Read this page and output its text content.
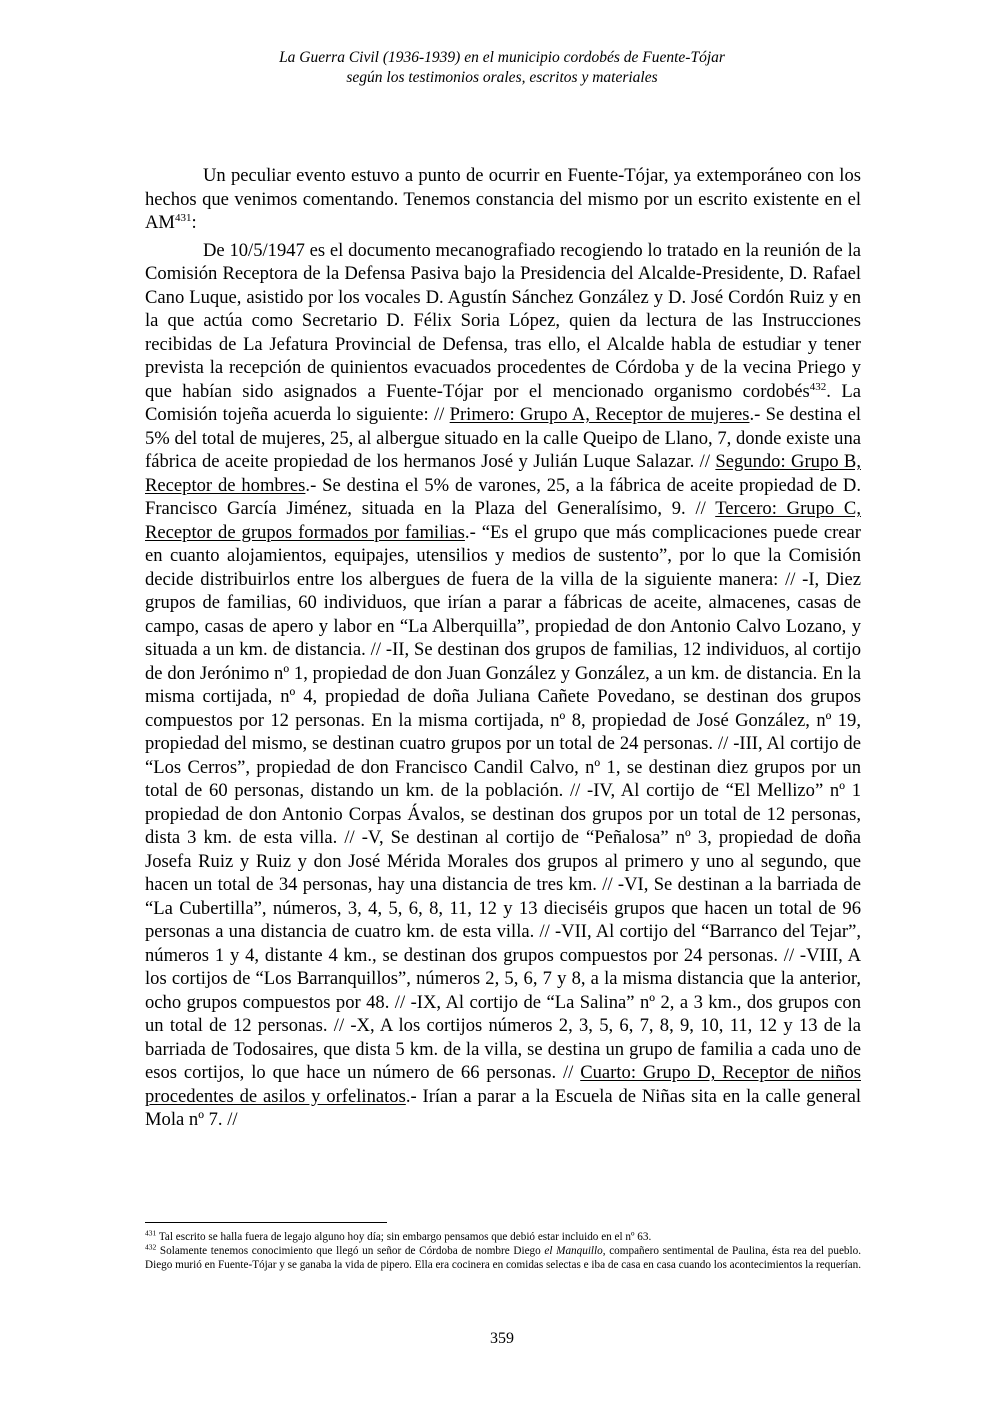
La Guerra Civil (1936-1939) en el municipio cordobés de Fuente-Tójar
según los testimonios orales, escritos y materiales

Un peculiar evento estuvo a punto de ocurrir en Fuente-Tójar, ya extemporáneo con los hechos que venimos comentando. Tenemos constancia del mismo por un escrito existente en el AM$^{431}$:

De 10/5/1947 es el documento mecanografiado recogiendo lo tratado en la reunión de la Comisión Receptora de la Defensa Pasiva bajo la Presidencia del Alcalde-Presidente, D. Rafael Cano Luque, asistido por los vocales D. Agustín Sánchez González y D. José Cordón Ruiz y en la que actúa como Secretario D. Félix Soria López, quien da lectura de las Instrucciones recibidas de La Jefatura Provincial de Defensa, tras ello, el Alcalde habla de estudiar y tener prevista la recepción de quinientos evacuados procedentes de Córdoba y de la vecina Priego y que habían sido asignados a Fuente-Tójar por el mencionado organismo cordobés$^{432}$. La Comisión tojeña acuerda lo siguiente: // Primero: Grupo A, Receptor de mujeres.- Se destina el 5% del total de mujeres, 25, al albergue situado en la calle Queipo de Llano, 7, donde existe una fábrica de aceite propiedad de los hermanos José y Julián Luque Salazar. // Segundo: Grupo B, Receptor de hombres.- Se destina el 5% de varones, 25, a la fábrica de aceite propiedad de D. Francisco García Jiménez, situada en la Plaza del Generalísimo, 9. // Tercero: Grupo C, Receptor de grupos formados por familias.- “Es el grupo que más complicaciones puede crear en cuanto alojamientos, equipajes, utensilios y medios de sustento”, por lo que la Comisión decide distribuirlos entre los albergues de fuera de la villa de la siguiente manera: // -I, Diez grupos de familias, 60 individuos, que irían a parar a fábricas de aceite, almacenes, casas de campo, casas de apero y labor en “La Alberquilla”, propiedad de don Antonio Calvo Lozano, y situada a un km. de distancia. // -II, Se destinan dos grupos de familias, 12 individuos, al cortijo de don Jerónimo nº 1, propiedad de don Juan González y González, a un km. de distancia. En la misma cortijada, nº 4, propiedad de doña Juliana Cañete Povedano, se destinan dos grupos compuestos por 12 personas. En la misma cortijada, nº 8, propiedad de José González, nº 19, propiedad del mismo, se destinan cuatro grupos por un total de 24 personas. // -III, Al cortijo de “Los Cerros”, propiedad de don Francisco Candil Calvo, nº 1, se destinan diez grupos por un total de 60 personas, distando un km. de la población. // -IV, Al cortijo de “El Mellizo” nº 1 propiedad de don Antonio Corpas Ávalos, se destinan dos grupos por un total de 12 personas, dista 3 km. de esta villa. // -V, Se destinan al cortijo de “Peñalosa” nº 3, propiedad de doña Josefa Ruiz y Ruiz y don José Mérida Morales dos grupos al primero y uno al segundo, que hacen un total de 34 personas, hay una distancia de tres km. // -VI, Se destinan a la barriada de “La Cubertilla”, números, 3, 4, 5, 6, 8, 11, 12 y 13 dieciséis grupos que hacen un total de 96 personas a una distancia de cuatro km. de esta villa. // -VII, Al cortijo del “Barranco del Tejar”, números 1 y 4, distante 4 km., se destinan dos grupos compuestos por 24 personas. // -VIII, A los cortijos de “Los Barranquillos”, números 2, 5, 6, 7 y 8, a la misma distancia que la anterior, ocho grupos compuestos por 48. // -IX, Al cortijo de “La Salina” nº 2, a 3 km., dos grupos con un total de 12 personas. // -X, A los cortijos números 2, 3, 5, 6, 7, 8, 9, 10, 11, 12 y 13 de la barriada de Todosaires, que dista 5 km. de la villa, se destina un grupo de familia a cada uno de esos cortijos, lo que hace un número de 66 personas. // Cuarto: Grupo D, Receptor de niños procedentes de asilos y orfelinatos.- Irían a parar a la Escuela de Niñas sita en la calle general Mola nº 7. //

$^{431}$ Tal escrito se halla fuera de legajo alguno hoy día; sin embargo pensamos que debió estar incluido en el nº 63.
$^{432}$ Solamente tenemos conocimiento que llegó un señor de Córdoba de nombre Diego el Manquillo, compañero sentimental de Paulina, ésta rea del pueblo. Diego murió en Fuente-Tójar y se ganaba la vida de pipero. Ella era cocinera en comidas selectas e iba de casa en casa cuando los acontecimientos la requerían.
359
